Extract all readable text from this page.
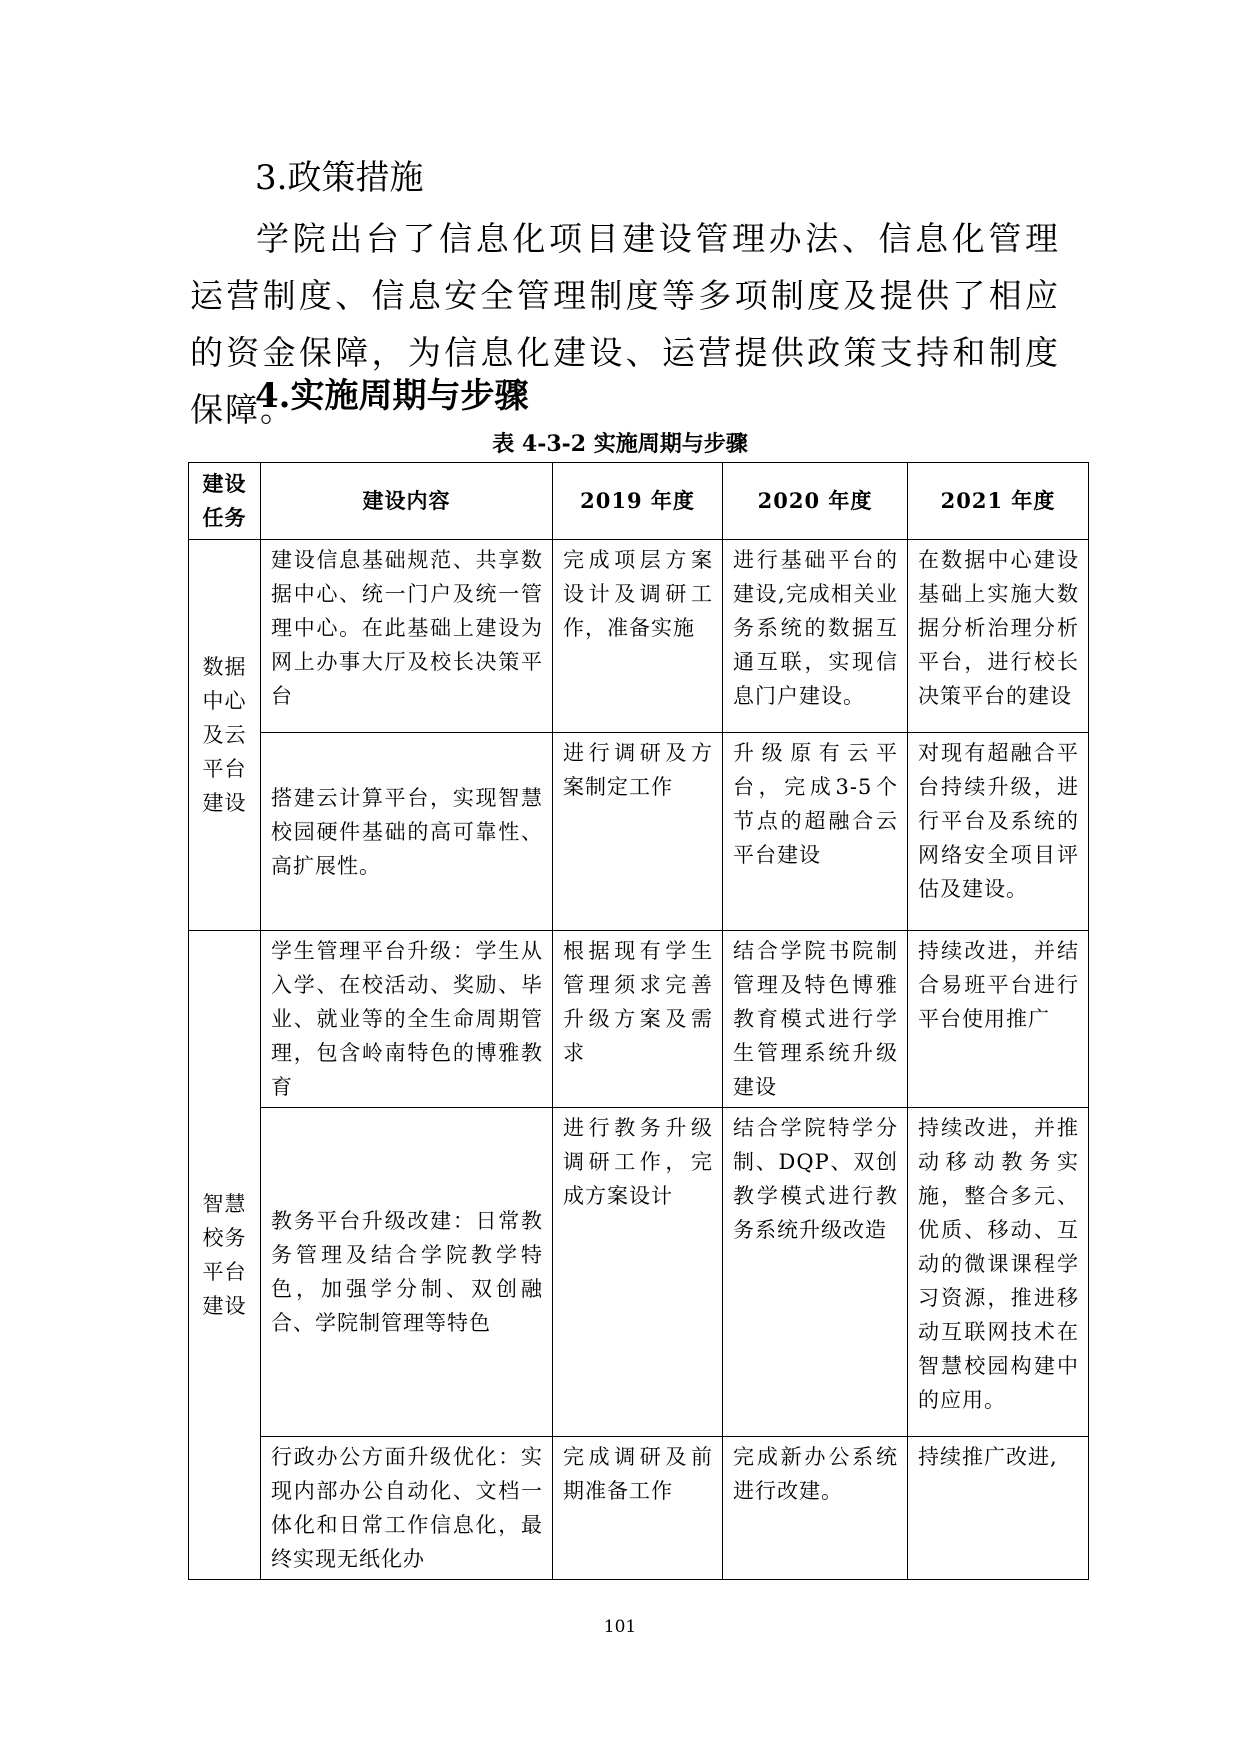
3.政策措施
学院出台了信息化项目建设管理办法、信息化管理运营制度、信息安全管理制度等多项制度及提供了相应的资金保障，为信息化建设、运营提供政策支持和制度保障。
4.实施周期与步骤
表 4-3-2 实施周期与步骤
建设任务	建设内容	2019 年度	2020 年度	2021 年度
数据中心及云平台建设	建设信息基础规范、共享数据中心、统一门户及统一管理中心。在此基础上建设为网上办事大厅及校长决策平台	完成项层方案设计及调研工作，准备实施	进行基础平台的建设,完成相关业务系统的数据互通互联，实现信息门户建设。	在数据中心建设基础上实施大数据分析治理分析平台，进行校长决策平台的建设
	搭建云计算平台，实现智慧校园硬件基础的高可靠性、高扩展性。	进行调研及方案制定工作	升级原有云平台，完成3-5个节点的超融合云平台建设	对现有超融合平台持续升级，进行平台及系统的网络安全项目评估及建设。
智慧校务平台建设	学生管理平台升级：学生从入学、在校活动、奖励、毕业、就业等的全生命周期管理，包含岭南特色的博雅教育	根据现有学生管理须求完善升级方案及需 求	结合学院书院制管理及特色博雅教育模式进行学生管理系统升级建设	持续改进，并结合易班平台进行平台使用推广
	教务平台升级改建：日常教务管理及结合学院教学特色，加强学分制、双创融合、学院制管理等特色	进行教务升级调研工作，完成方案设计	结合学院特学分制、DQP、双创教学模式进行教务系统升级改造	持续改进，并推动移动教务实施，整合多元、优质、移动、互动的微课课程学习资源，推进移动互联网技术在智慧校园构建中的应用。
	行政办公方面升级优化：实现内部办公自动化、文档一体化和日常工作信息化，最终实现无纸化办	完成调研及前期准备工作	完成新办公系统进行改建。	持续推广改进,
101
